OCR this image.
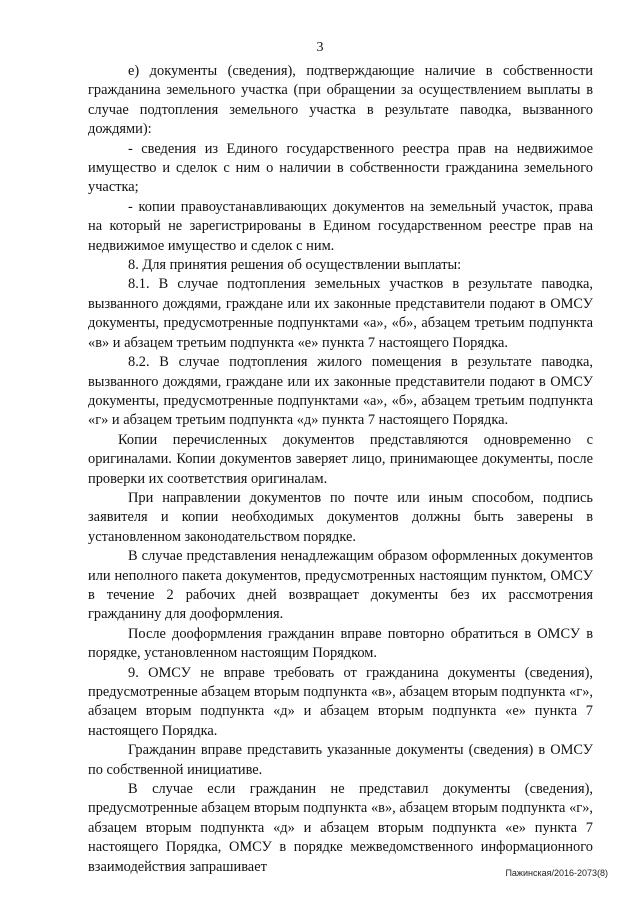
3

е) документы (сведения), подтверждающие наличие в собственности гражданина земельного участка (при обращении за осуществлением выплаты в случае подтопления земельного участка в результате паводка, вызванного дождями):

- сведения из Единого государственного реестра прав на недвижимое имущество и сделок с ним о наличии в собственности гражданина земельного участка;

- копии правоустанавливающих документов на земельный участок, права на который не зарегистрированы в Едином государственном реестре прав на недвижимое имущество и сделок с ним.

8. Для принятия решения об осуществлении выплаты:

8.1. В случае подтопления земельных участков в результате паводка, вызванного дождями, граждане или их законные представители подают в ОМСУ документы, предусмотренные подпунктами «а», «б», абзацем третьим подпункта «в» и абзацем третьим подпункта «е» пункта 7 настоящего Порядка.

8.2. В случае подтопления жилого помещения в результате паводка, вызванного дождями, граждане или их законные представители подают в ОМСУ документы, предусмотренные подпунктами «а», «б», абзацем третьим подпункта «г» и абзацем третьим подпункта «д» пункта 7 настоящего Порядка.

Копии перечисленных документов представляются одновременно с оригиналами. Копии документов заверяет лицо, принимающее документы, после проверки их соответствия оригиналам.

При направлении документов по почте или иным способом, подпись заявителя и копии необходимых документов должны быть заверены в установленном законодательством порядке.

В случае представления ненадлежащим образом оформленных документов или неполного пакета документов, предусмотренных настоящим пунктом, ОМСУ в течение 2 рабочих дней возвращает документы без их рассмотрения гражданину для дооформления.

После дооформления гражданин вправе повторно обратиться в ОМСУ в порядке, установленном настоящим Порядком.

9. ОМСУ не вправе требовать от гражданина документы (сведения), предусмотренные абзацем вторым подпункта «в», абзацем вторым подпункта «г», абзацем вторым подпункта «д» и абзацем вторым подпункта «е» пункта 7 настоящего Порядка.

Гражданин вправе представить указанные документы (сведения) в ОМСУ по собственной инициативе.

В случае если гражданин не представил документы (сведения), предусмотренные абзацем вторым подпункта «в», абзацем вторым подпункта «г», абзацем вторым подпункта «д» и абзацем вторым подпункта «е» пункта 7 настоящего Порядка, ОМСУ в порядке межведомственного информационного взаимодействия запрашивает	Пажинская/2016-2073(8)
